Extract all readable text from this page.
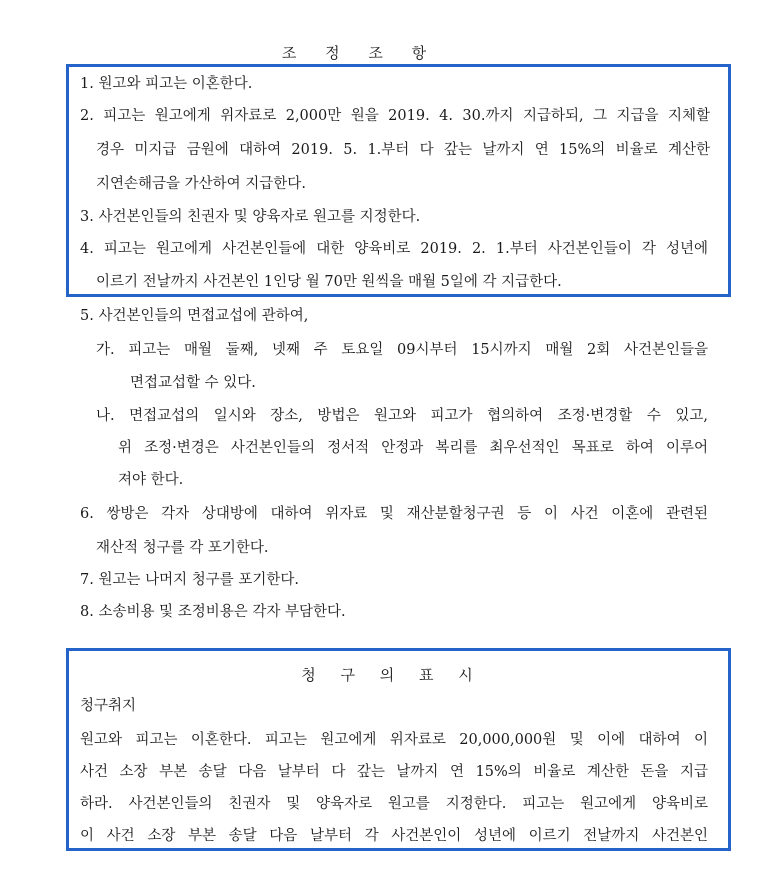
조 정 조 항
1. 원고와 피고는 이혼한다.
2. 피고는 원고에게 위자료로 2,000만 원을 2019. 4. 30.까지 지급하되, 그 지급을 지체할
경우 미지급 금원에 대하여 2019. 5. 1.부터 다 갚는 날까지 연 15%의 비율로 계산한
지연손해금을 가산하여 지급한다.
3. 사건본인들의 친권자 및 양육자로 원고를 지정한다.
4. 피고는 원고에게 사건본인들에 대한 양육비로 2019. 2. 1.부터 사건본인들이 각 성년에
이르기 전날까지 사건본인 1인당 월 70만 원씩을 매월 5일에 각 지급한다.
5. 사건본인들의 면접교섭에 관하여,
가. 피고는 매월 둘째, 넷째 주 토요일 09시부터 15시까지 매월 2회 사건본인들을
면접교섭할 수 있다.
나. 면접교섭의 일시와 장소, 방법은 원고와 피고가 협의하여 조정·변경할 수 있고,
위 조정·변경은 사건본인들의 정서적 안정과 복리를 최우선적인 목표로 하여 이루어
져야 한다.
6. 쌍방은 각자 상대방에 대하여 위자료 및 재산분할청구권 등 이 사건 이혼에 관련된
재산적 청구를 각 포기한다.
7. 원고는 나머지 청구를 포기한다.
8. 소송비용 및 조정비용은 각자 부담한다.
청 구 의 표 시
청구취지
원고와 피고는 이혼한다. 피고는 원고에게 위자료로 20,000,000원 및 이에 대하여 이
사건 소장 부본 송달 다음 날부터 다 갚는 날까지 연 15%의 비율로 계산한 돈을 지급
하라. 사건본인들의 친권자 및 양육자로 원고를 지정한다. 피고는 원고에게 양육비로
이 사건 소장 부본 송달 다음 날부터 각 사건본인이 성년에 이르기 전날까지 사건본인
